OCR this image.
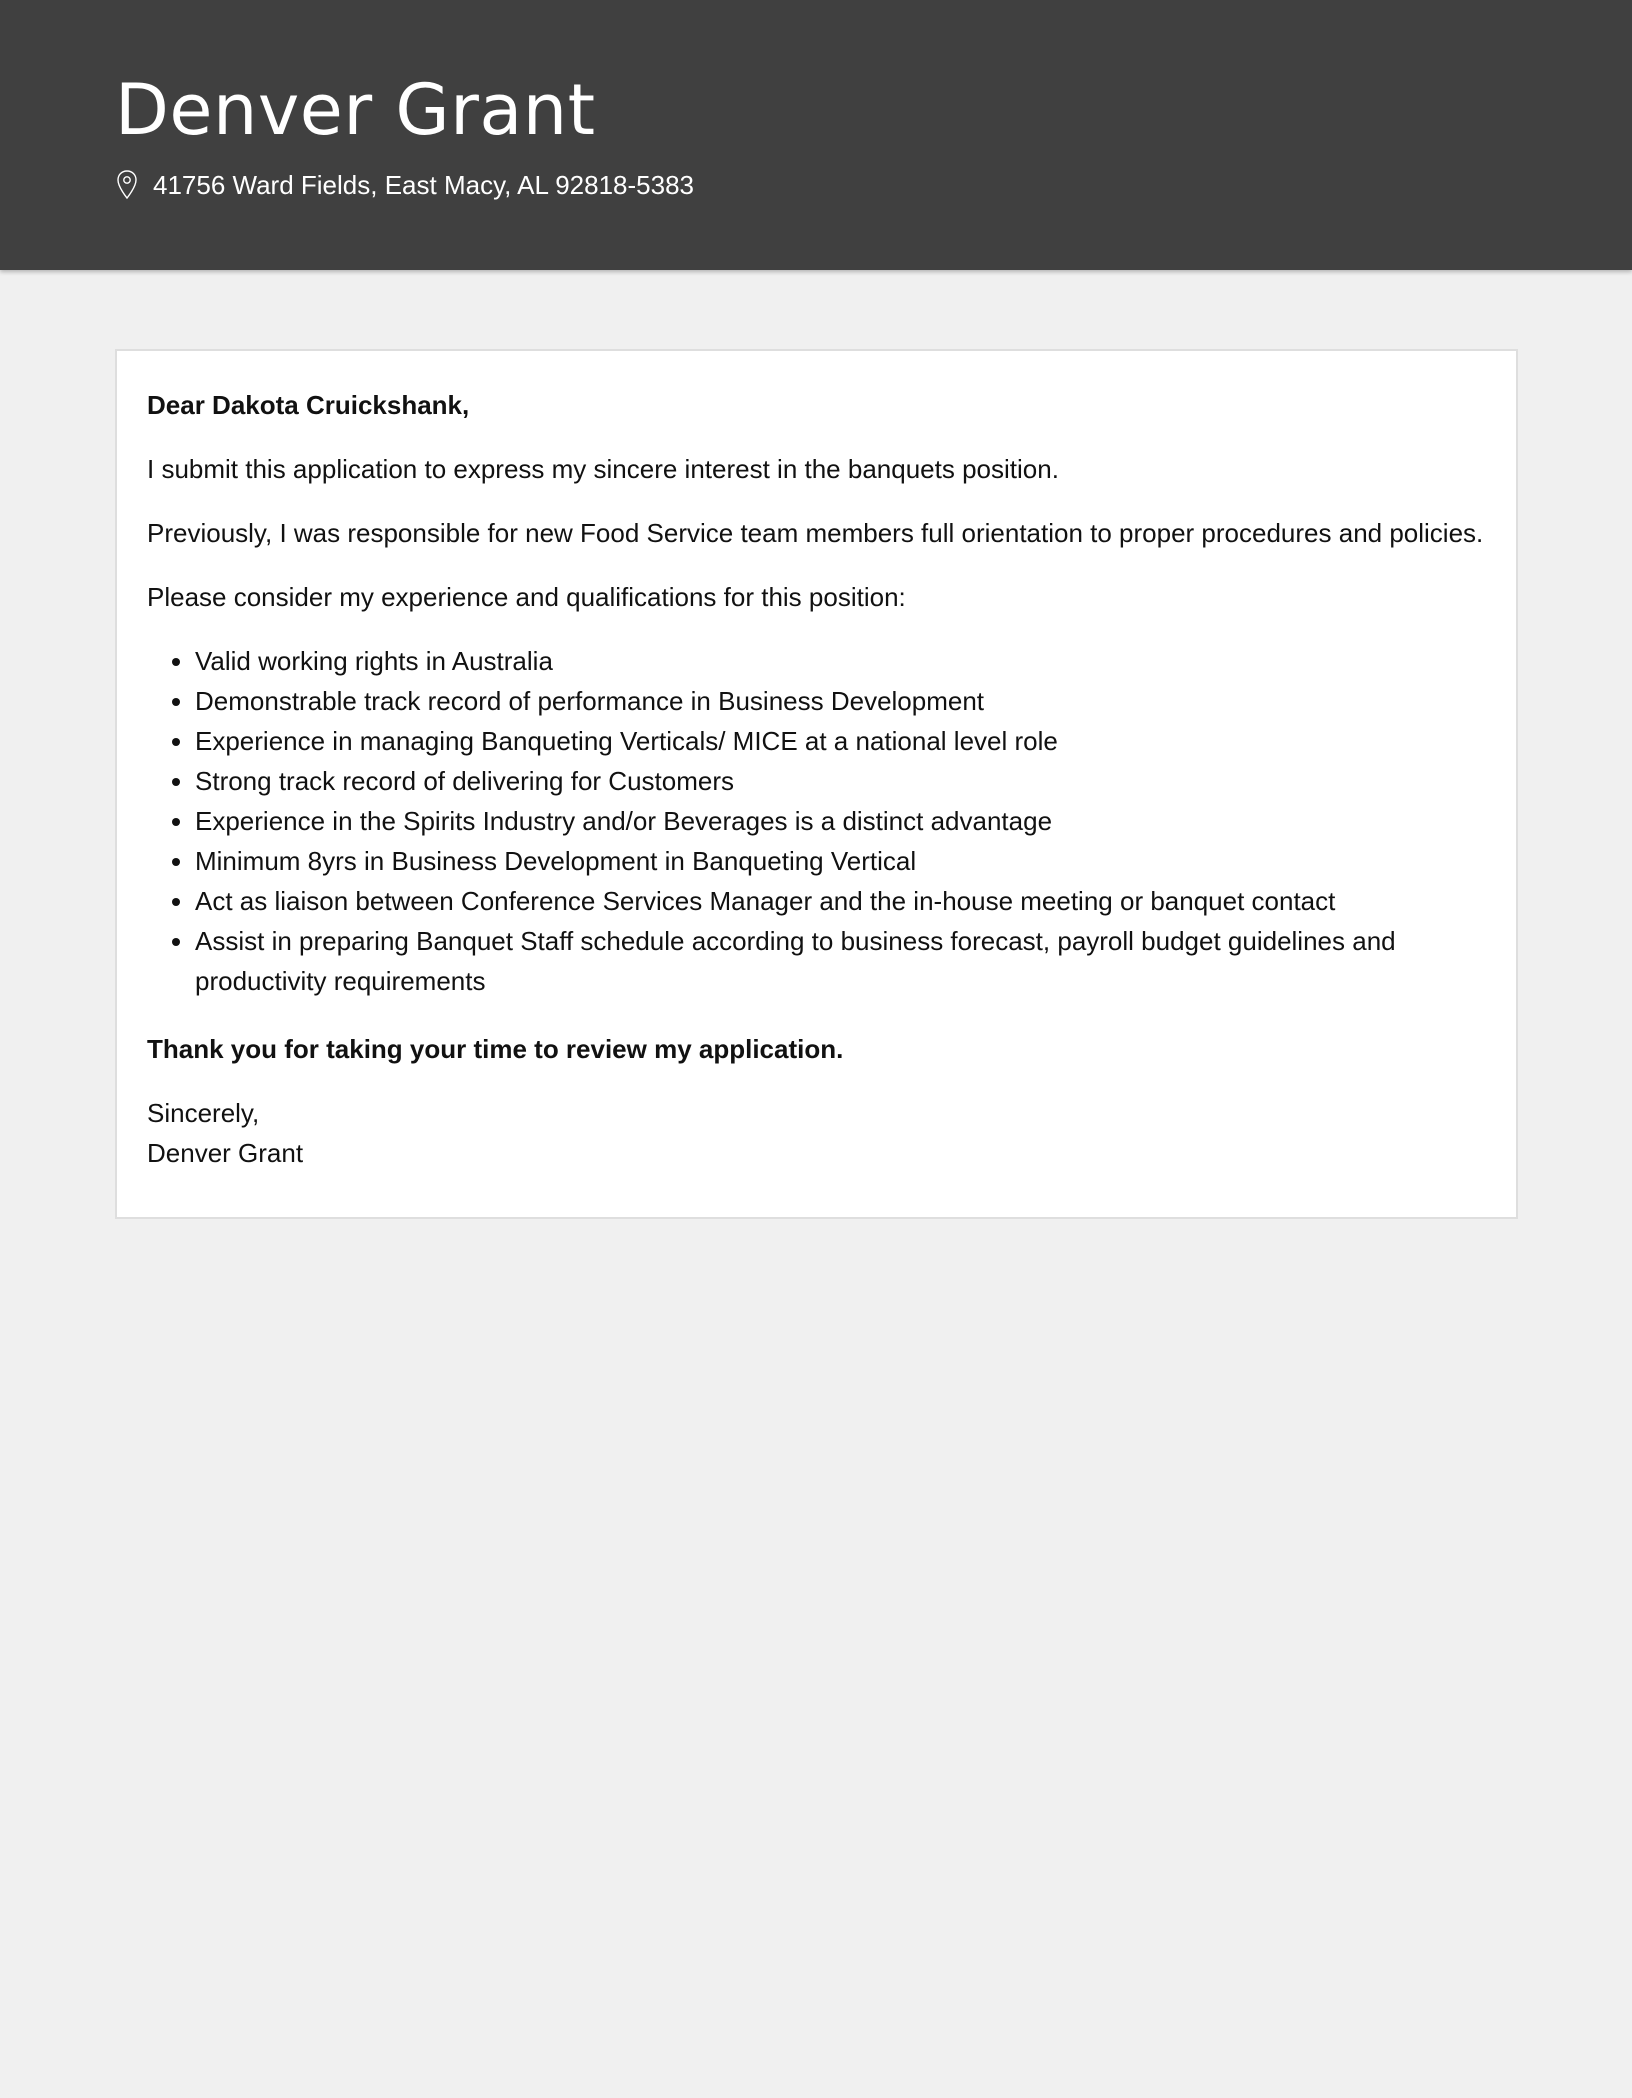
Denver Grant
41756 Ward Fields, East Macy, AL 92818-5383

Dear Dakota Cruickshank,

I submit this application to express my sincere interest in the banquets position.

Previously, I was responsible for new Food Service team members full orientation to proper procedures and policies.

Please consider my experience and qualifications for this position:

• Valid working rights in Australia
• Demonstrable track record of performance in Business Development
• Experience in managing Banqueting Verticals/ MICE at a national level role
• Strong track record of delivering for Customers
• Experience in the Spirits Industry and/or Beverages is a distinct advantage
• Minimum 8yrs in Business Development in Banqueting Vertical
• Act as liaison between Conference Services Manager and the in-house meeting or banquet contact
• Assist in preparing Banquet Staff schedule according to business forecast, payroll budget guidelines and productivity requirements

Thank you for taking your time to review my application.

Sincerely,
Denver Grant
